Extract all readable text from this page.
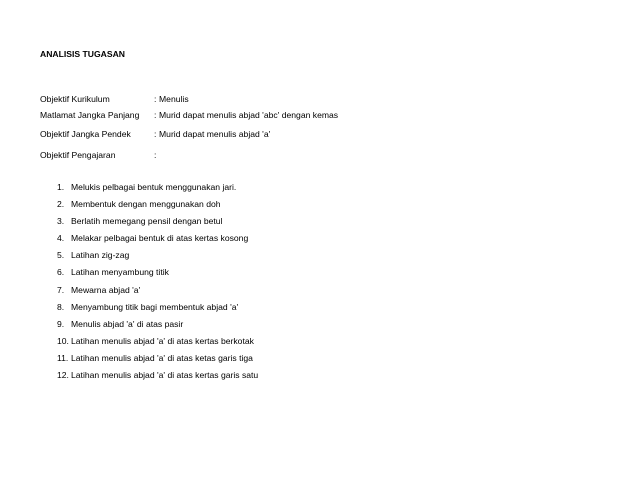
ANALISIS TUGASAN
Objektif Kurikulum	: Menulis
Matlamat Jangka Panjang	: Murid dapat menulis abjad 'abc' dengan kemas
Objektif Jangka Pendek	: Murid dapat menulis abjad 'a'
Objektif Pengajaran	:
1. Melukis pelbagai bentuk menggunakan jari.
2. Membentuk dengan menggunakan doh
3. Berlatih memegang pensil dengan betul
4. Melakar pelbagai bentuk di atas kertas kosong
5. Latihan zig-zag
6. Latihan menyambung titik
7. Mewarna abjad 'a'
8. Menyambung titik bagi membentuk abjad 'a'
9. Menulis abjad 'a' di atas pasir
10. Latihan menulis abjad 'a' di atas kertas berkotak
11. Latihan menulis abjad 'a' di atas ketas garis tiga
12. Latihan menulis abjad 'a' di atas kertas garis satu
